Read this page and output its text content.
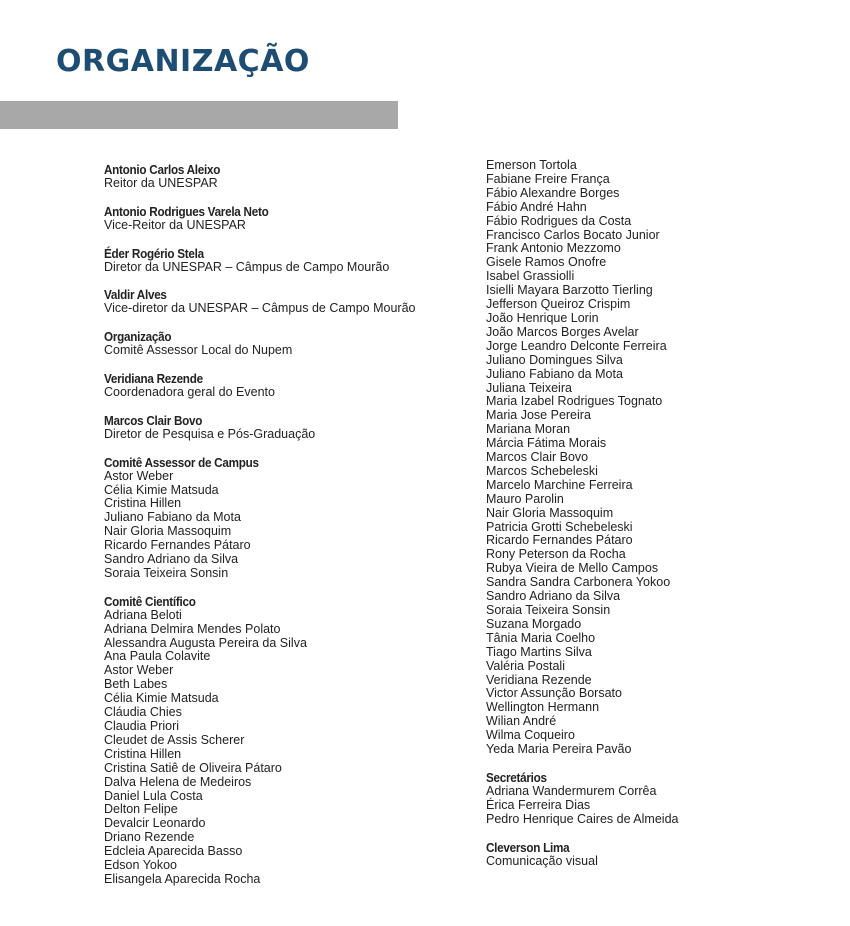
ORGANIZAÇÃO
Antonio Carlos Aleixo
Reitor da UNESPAR
Antonio Rodrigues Varela Neto
Vice-Reitor da UNESPAR
Éder Rogério Stela
Diretor da UNESPAR – Câmpus de Campo Mourão
Valdir Alves
Vice-diretor da UNESPAR – Câmpus de Campo Mourão
Organização
Comitê Assessor Local do Nupem
Veridiana Rezende
Coordenadora geral do Evento
Marcos Clair Bovo
Diretor de Pesquisa e Pós-Graduação
Comitê Assessor de Campus
Astor Weber
Célia Kimie Matsuda
Cristina Hillen
Juliano Fabiano da Mota
Nair Gloria Massoquim
Ricardo Fernandes Pátaro
Sandro Adriano da Silva
Soraia Teixeira Sonsin
Comitê Científico
Adriana Beloti
Adriana Delmira Mendes Polato
Alessandra Augusta Pereira da Silva
Ana Paula Colavite
Astor Weber
Beth Labes
Célia Kimie Matsuda
Cláudia Chies
Claudia Priori
Cleudet de Assis Scherer
Cristina Hillen
Cristina Satiê de Oliveira Pátaro
Dalva Helena de Medeiros
Daniel Lula Costa
Delton Felipe
Devalcir Leonardo
Driano Rezende
Edcleia Aparecida Basso
Edson Yokoo
Elisangela Aparecida Rocha
Emerson Tortola
Fabiane Freire França
Fábio Alexandre Borges
Fábio André Hahn
Fábio Rodrigues da Costa
Francisco Carlos Bocato Junior
Frank Antonio Mezzomo
Gisele Ramos Onofre
Isabel Grassiolli
Isielli Mayara Barzotto Tierling
Jefferson Queiroz Crispim
João Henrique Lorin
João Marcos Borges Avelar
Jorge Leandro Delconte Ferreira
Juliano Domingues Silva
Juliano Fabiano da Mota
Juliana Teixeira
Maria Izabel Rodrigues Tognato
Maria Jose Pereira
Mariana Moran
Márcia Fátima Morais
Marcos Clair Bovo
Marcos Schebeleski
Marcelo Marchine Ferreira
Mauro Parolin
Nair Gloria Massoquim
Patricia Grotti Schebeleski
Ricardo Fernandes Pátaro
Rony Peterson da Rocha
Rubya Vieira de Mello Campos
Sandra Sandra Carbonera Yokoo
Sandro Adriano da Silva
Soraia Teixeira Sonsin
Suzana Morgado
Tânia Maria Coelho
Tiago Martins Silva
Valéria Postali
Veridiana Rezende
Victor Assunção Borsato
Wellington Hermann
Wilian André
Wilma Coqueiro
Yeda Maria Pereira Pavão
Secretários
Adriana Wandermurem Corrêa
Érica Ferreira Dias
Pedro Henrique Caires de Almeida
Cleverson Lima
Comunicação visual
